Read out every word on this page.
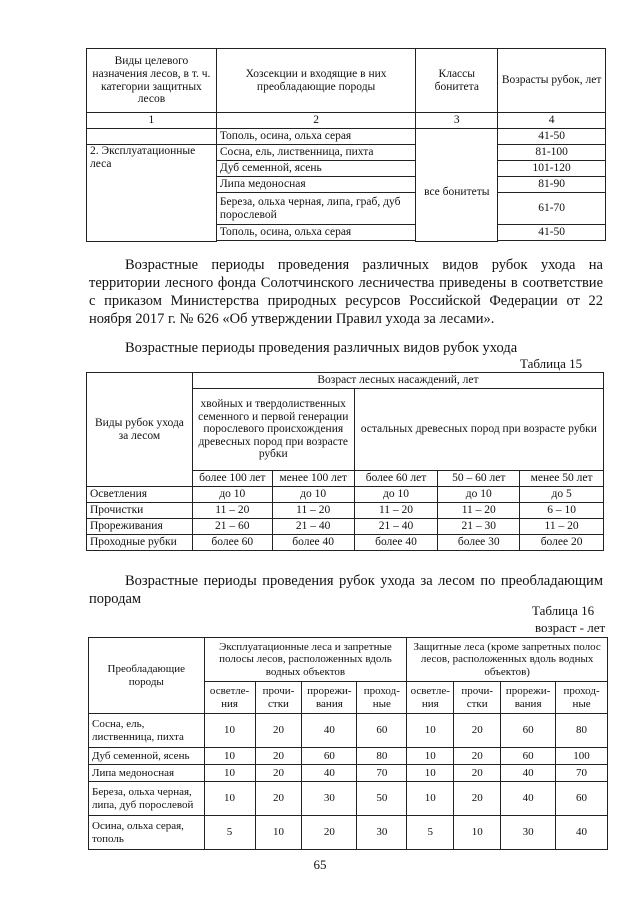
Виды целевого назначения лесов, в т. ч. категории защитных лесов	Хозсекции и входящие в них преобладающие породы	Классы бонитета	Возрасты рубок, лет
1	2	3	4
	Тополь, осина, ольха серая		41-50
2. Эксплуатационные леса	Сосна, ель, лиственница, пихта	все бонитеты	81-100
	Дуб семенной, ясень		101-120
	Липа медоносная		81-90
	Береза, ольха черная, липа, граб, дуб порослевой		61-70
	Тополь, осина, ольха серая		41-50

Возрастные периоды проведения различных видов рубок ухода на территории лесного фонда Солотчинского лесничества приведены в соответствие с приказом Министерства природных ресурсов Российской Федерации от 22 ноября 2017 г. № 626 «Об утверждении Правил ухода за лесами».

Возрастные периоды проведения различных видов рубок ухода
Таблица 15
Виды рубок ухода за лесом	Возраст лесных насаждений, лет				
	хвойных и твердолиственных семенного и первой генерации порослевого происхождения древесных пород при возрасте рубки		остальных древесных пород при возрасте рубки		
	более 100 лет	менее 100 лет	более 60 лет	50 – 60 лет	менее 50 лет
Осветления	до 10	до 10	до 10	до 10	до 5
Прочистки	11 – 20	11 – 20	11 – 20	11 – 20	6 – 10
Прореживания	21 – 60	21 – 40	21 – 40	21 – 30	11 – 20
Проходные рубки	более 60	более 40	более 40	более 30	более 20

Возрастные периоды проведения рубок ухода за лесом по преобладающим породам

Таблица 16
возраст - лет
Преобладающие породы	Эксплуатационные леса и запретные полосы лесов, расположенных вдоль водных объектов				Защитные леса (кроме запретных полос лесов, расположенных вдоль водных объектов)			
	осветле-ния	прочи-стки	прорежи-вания	проход-ные	осветле-ния	прочи-стки	прорежи-вания	проход-ные
Сосна, ель, лиственница, пихта	10	20	40	60	10	20	60	80
Дуб семенной, ясень	10	20	60	80	10	20	60	100
Липа медоносная	10	20	40	70	10	20	40	70
Береза, ольха черная, липа, дуб порослевой	10	20	30	50	10	20	40	60
Осина, ольха серая, тополь	5	10	20	30	5	10	30	40
65
